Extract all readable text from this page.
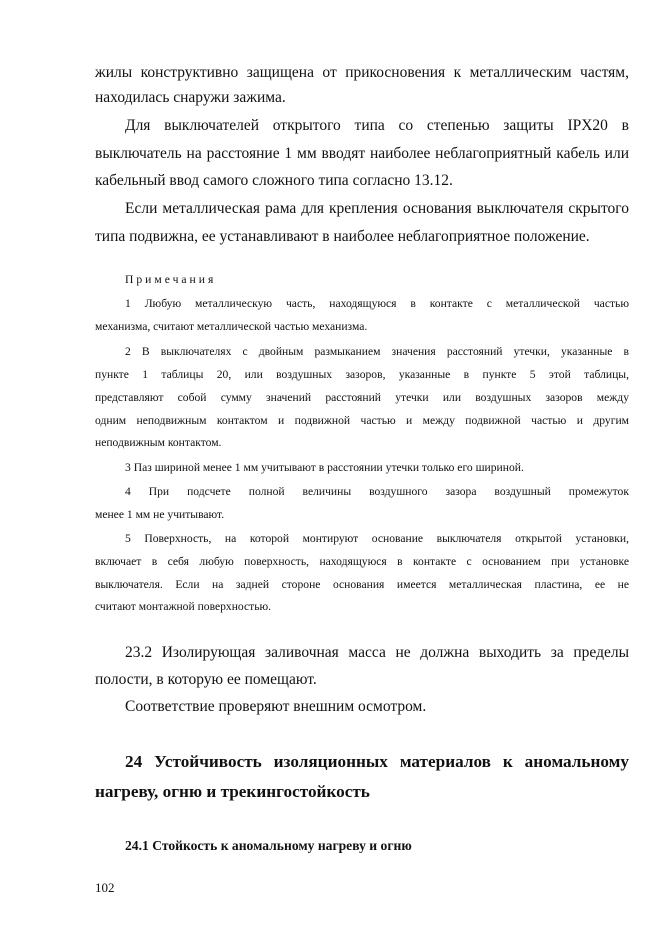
жилы конструктивно защищена от прикосновения к металлическим частям,
находилась снаружи зажима.
Для выключателей открытого типа со степенью защиты IPX20 в
выключатель на расстояние 1 мм вводят наиболее неблагоприятный кабель или
кабельный ввод самого сложного типа согласно 13.12.
Если металлическая рама для крепления основания выключателя скрытого
типа подвижна, ее устанавливают в наиболее неблагоприятное положение.
Примечания
1 Любую металлическую часть, находящуюся в контакте с металлической частью
механизма, считают металлической частью механизма.
2 В выключателях с двойным размыканием значения расстояний утечки, указанные в
пункте 1 таблицы 20, или воздушных зазоров, указанные в пункте 5 этой таблицы,
представляют собой сумму значений расстояний утечки или воздушных зазоров между
одним неподвижным контактом и подвижной частью и между подвижной частью и другим
неподвижным контактом.
3 Паз шириной менее 1 мм учитывают в расстоянии утечки только его шириной.
4 При подсчете полной величины воздушного зазора воздушный промежуток
менее 1 мм не учитывают.
5 Поверхность, на которой монтируют основание выключателя открытой установки,
включает в себя любую поверхность, находящуюся в контакте с основанием при установке
выключателя. Если на задней стороне основания имеется металлическая пластина, ее не
считают монтажной поверхностью.
23.2 Изолирующая заливочная масса не должна выходить за пределы
полости, в которую ее помещают.
Соответствие проверяют внешним осмотром.
24 Устойчивость изоляционных материалов к аномальному
нагреву, огню и трекингостойкость
24.1 Стойкость к аномальному нагреву и огню
102
